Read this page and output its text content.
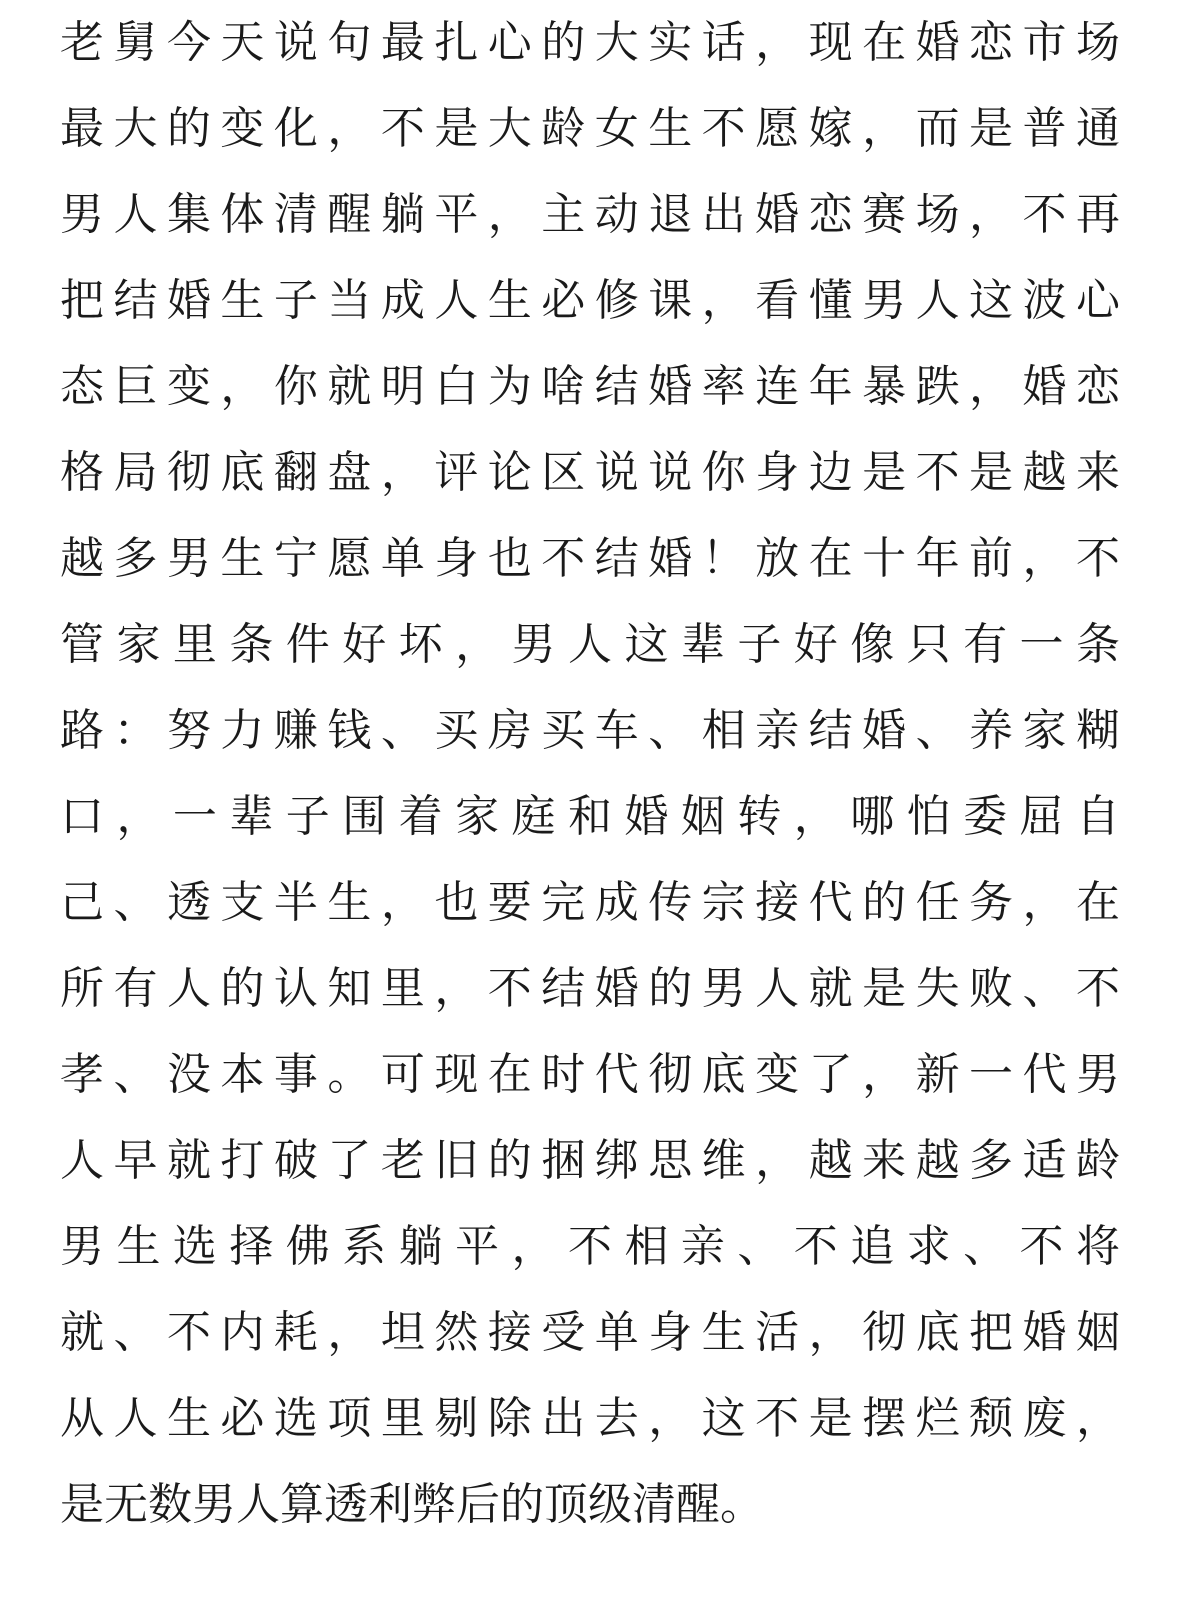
老舅今天说句最扎心的大实话，现在婚恋市场
最大的变化，不是大龄女生不愿嫁，而是普通
男人集体清醒躺平，主动退出婚恋赛场，不再
把结婚生子当成人生必修课，看懂男人这波心
态巨变，你就明白为啥结婚率连年暴跌，婚恋
格局彻底翻盘，评论区说说你身边是不是越来
越多男生宁愿单身也不结婚！放在十年前，不
管家里条件好坏，男人这辈子好像只有一条
路：努力赚钱、买房买车、相亲结婚、养家糊
口，一辈子围着家庭和婚姻转，哪怕委屈自
己、透支半生，也要完成传宗接代的任务，在
所有人的认知里，不结婚的男人就是失败、不
孝、没本事。可现在时代彻底变了，新一代男
人早就打破了老旧的捆绑思维，越来越多适龄
男生选择佛系躺平，不相亲、不追求、不将
就、不内耗，坦然接受单身生活，彻底把婚姻
从人生必选项里剔除出去，这不是摆烂颓废，
是无数男人算透利弊后的顶级清醒。
